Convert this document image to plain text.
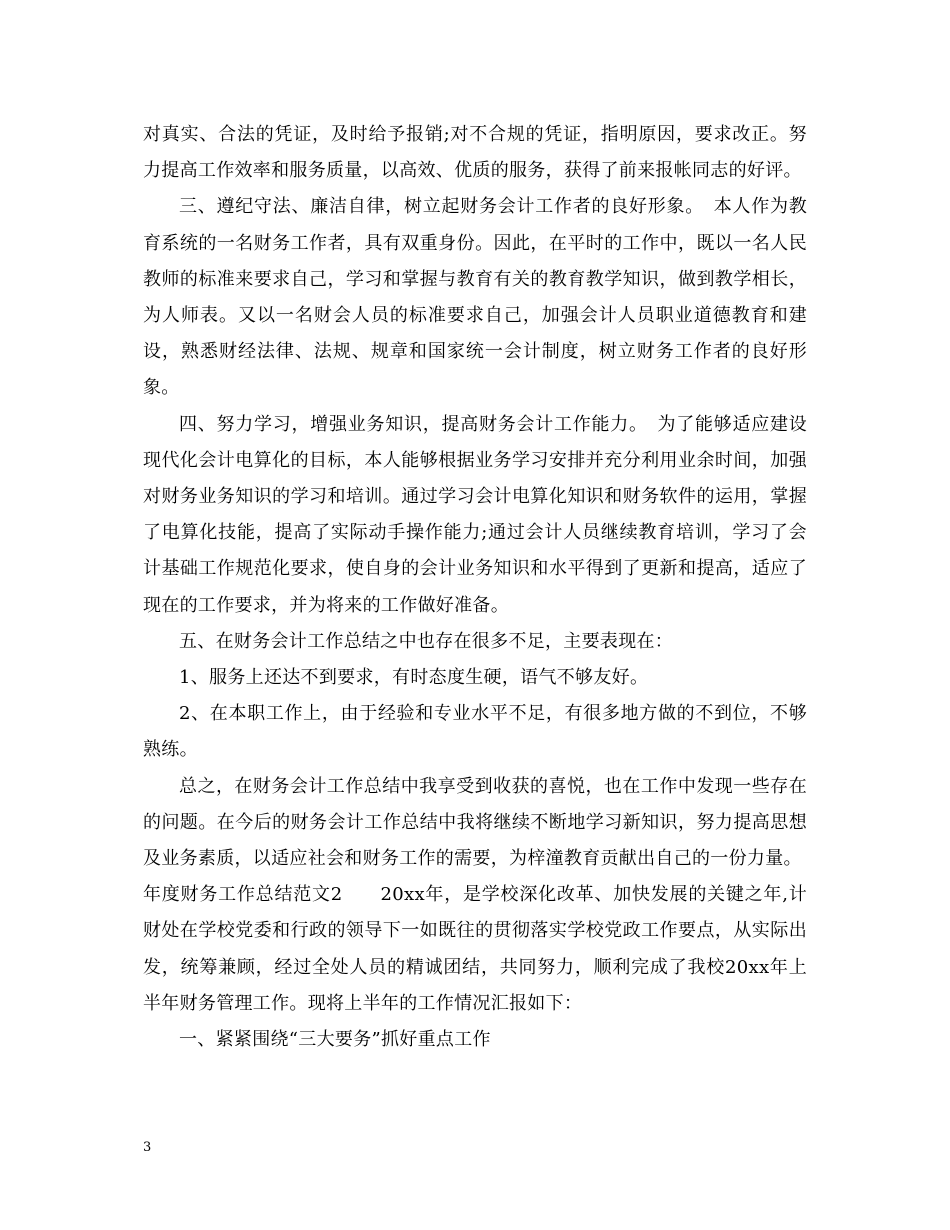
对真实、合法的凭证，及时给予报销;对不合规的凭证，指明原因，要求改正。努力提高工作效率和服务质量，以高效、优质的服务，获得了前来报帐同志的好评。

三、遵纪守法、廉洁自律，树立起财务会计工作者的良好形象。　本人作为教育系统的一名财务工作者，具有双重身份。因此，在平时的工作中，既以一名人民教师的标准来要求自己，学习和掌握与教育有关的教育教学知识，做到教学相长，为人师表。又以一名财会人员的标准要求自己，加强会计人员职业道德教育和建设，熟悉财经法律、法规、规章和国家统一会计制度，树立财务工作者的良好形象。

四、努力学习，增强业务知识，提高财务会计工作能力。　为了能够适应建设现代化会计电算化的目标，本人能够根据业务学习安排并充分利用业余时间，加强对财务业务知识的学习和培训。通过学习会计电算化知识和财务软件的运用，掌握了电算化技能，提高了实际动手操作能力;通过会计人员继续教育培训，学习了会计基础工作规范化要求，使自身的会计业务知识和水平得到了更新和提高，适应了现在的工作要求，并为将来的工作做好准备。

五、在财务会计工作总结之中也存在很多不足，主要表现在：

1、服务上还达不到要求，有时态度生硬，语气不够友好。

2、在本职工作上，由于经验和专业水平不足，有很多地方做的不到位，不够熟练。

总之，在财务会计工作总结中我享受到收获的喜悦，也在工作中发现一些存在的问题。在今后的财务会计工作总结中我将继续不断地学习新知识，努力提高思想及业务素质，以适应社会和财务工作的需要，为梓潼教育贡献出自己的一份力量。

年度财务工作总结范文2　　20xx年，是学校深化改革、加快发展的关键之年,计财处在学校党委和行政的领导下一如既往的贯彻落实学校党政工作要点，从实际出发，统筹兼顾，经过全处人员的精诚团结，共同努力，顺利完成了我校20xx年上半年财务管理工作。现将上半年的工作情况汇报如下：

一、紧紧围绕“三大要务”抓好重点工作

3
